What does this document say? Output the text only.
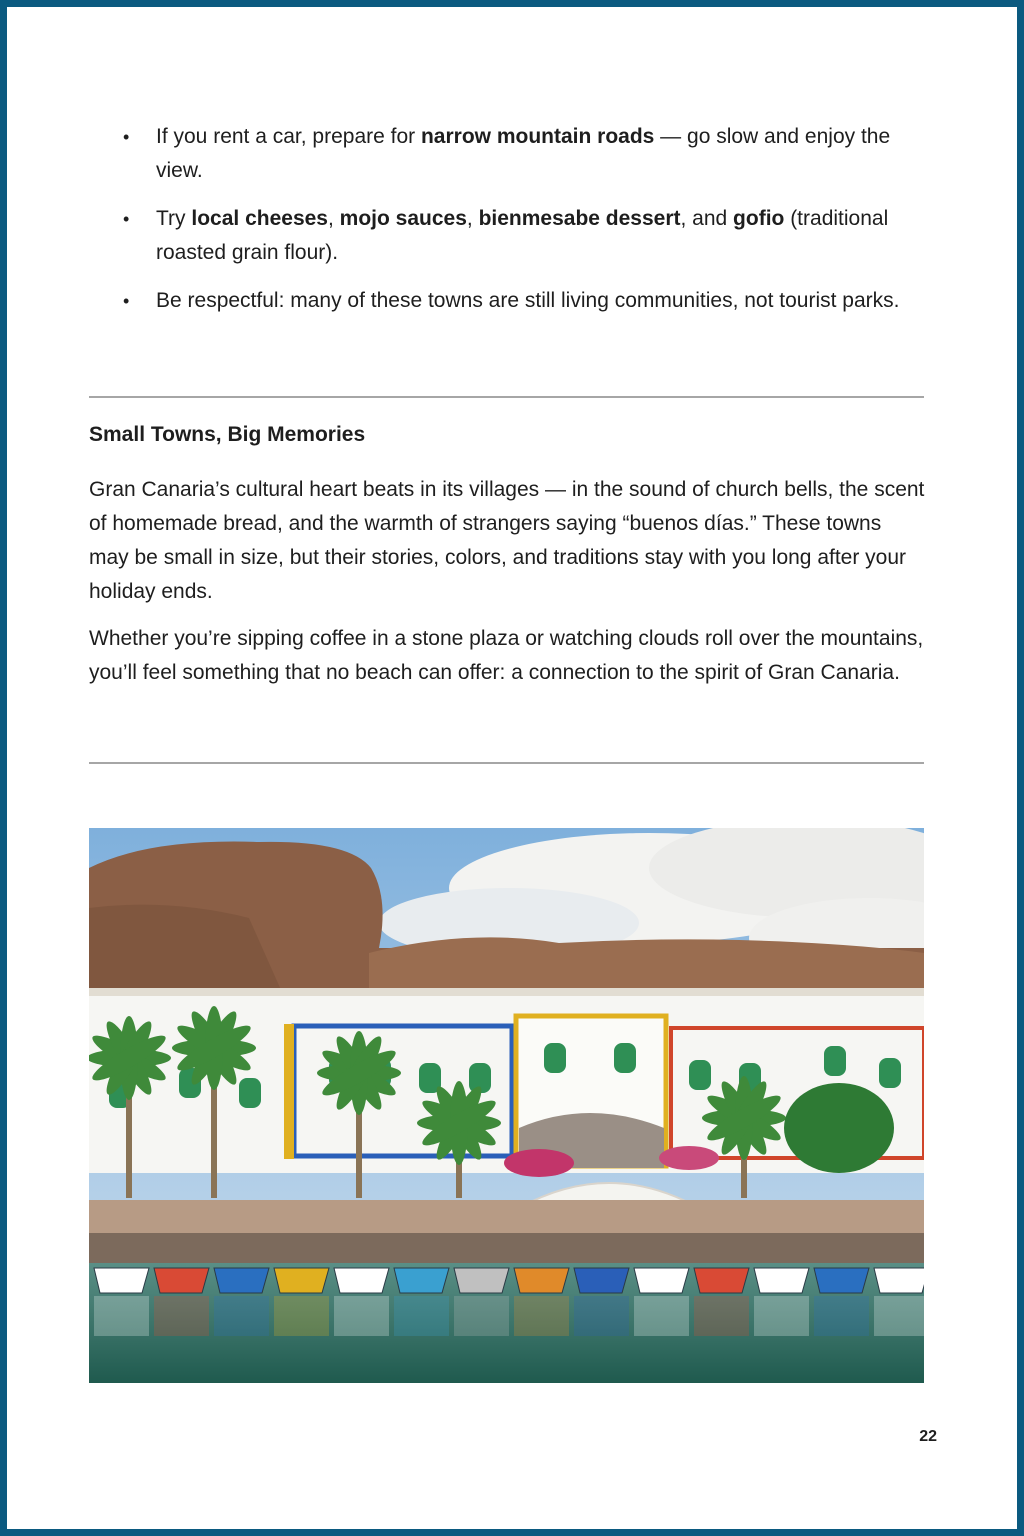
• If you rent a car, prepare for narrow mountain roads — go slow and enjoy the view.
• Try local cheeses, mojo sauces, bienmesabe dessert, and gofio (traditional roasted grain flour).
• Be respectful: many of these towns are still living communities, not tourist parks.
Small Towns, Big Memories

Gran Canaria’s cultural heart beats in its villages — in the sound of church bells, the scent of homemade bread, and the warmth of strangers saying “buenos días.” These towns may be small in size, but their stories, colors, and traditions stay with you long after your holiday ends.

Whether you’re sipping coffee in a stone plaza or watching clouds roll over the mountains, you’ll feel something that no beach can offer: a connection to the spirit of Gran Canaria.

22
